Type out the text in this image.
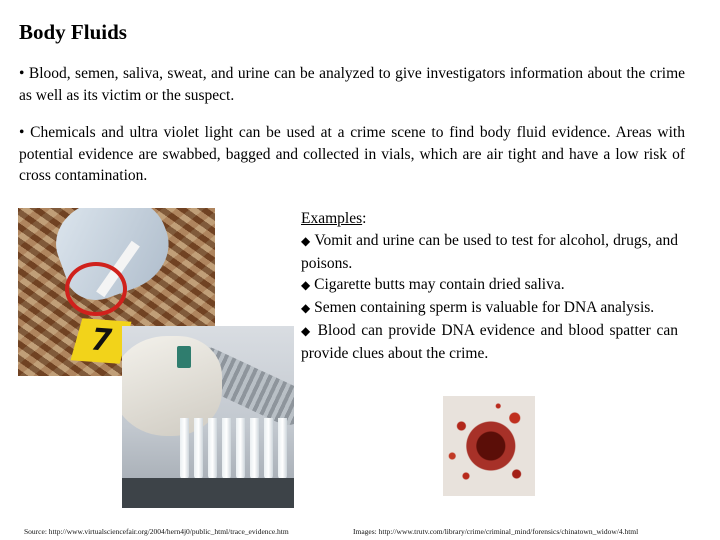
Body Fluids

• Blood, semen, saliva, sweat, and urine can be analyzed to give investigators information about the crime as well as its victim or the suspect.

• Chemicals and ultra violet light can be used at a crime scene to find body fluid evidence. Areas with potential evidence are swabbed, bagged and collected in vials, which are air tight and have a low risk of cross contamination.

7
Examples:
◆ Vomit and urine can be used to test for alcohol, drugs, and poisons.
◆ Cigarette butts may contain dried saliva.
◆ Semen containing sperm is valuable for DNA analysis.
◆ Blood can provide DNA evidence and blood spatter can provide clues about the crime.
Source: http://www.virtualsciencefair.org/2004/hern4j0/public_html/trace_evidence.htm	Images: http://www.trutv.com/library/crime/criminal_mind/forensics/chinatown_widow/4.html
